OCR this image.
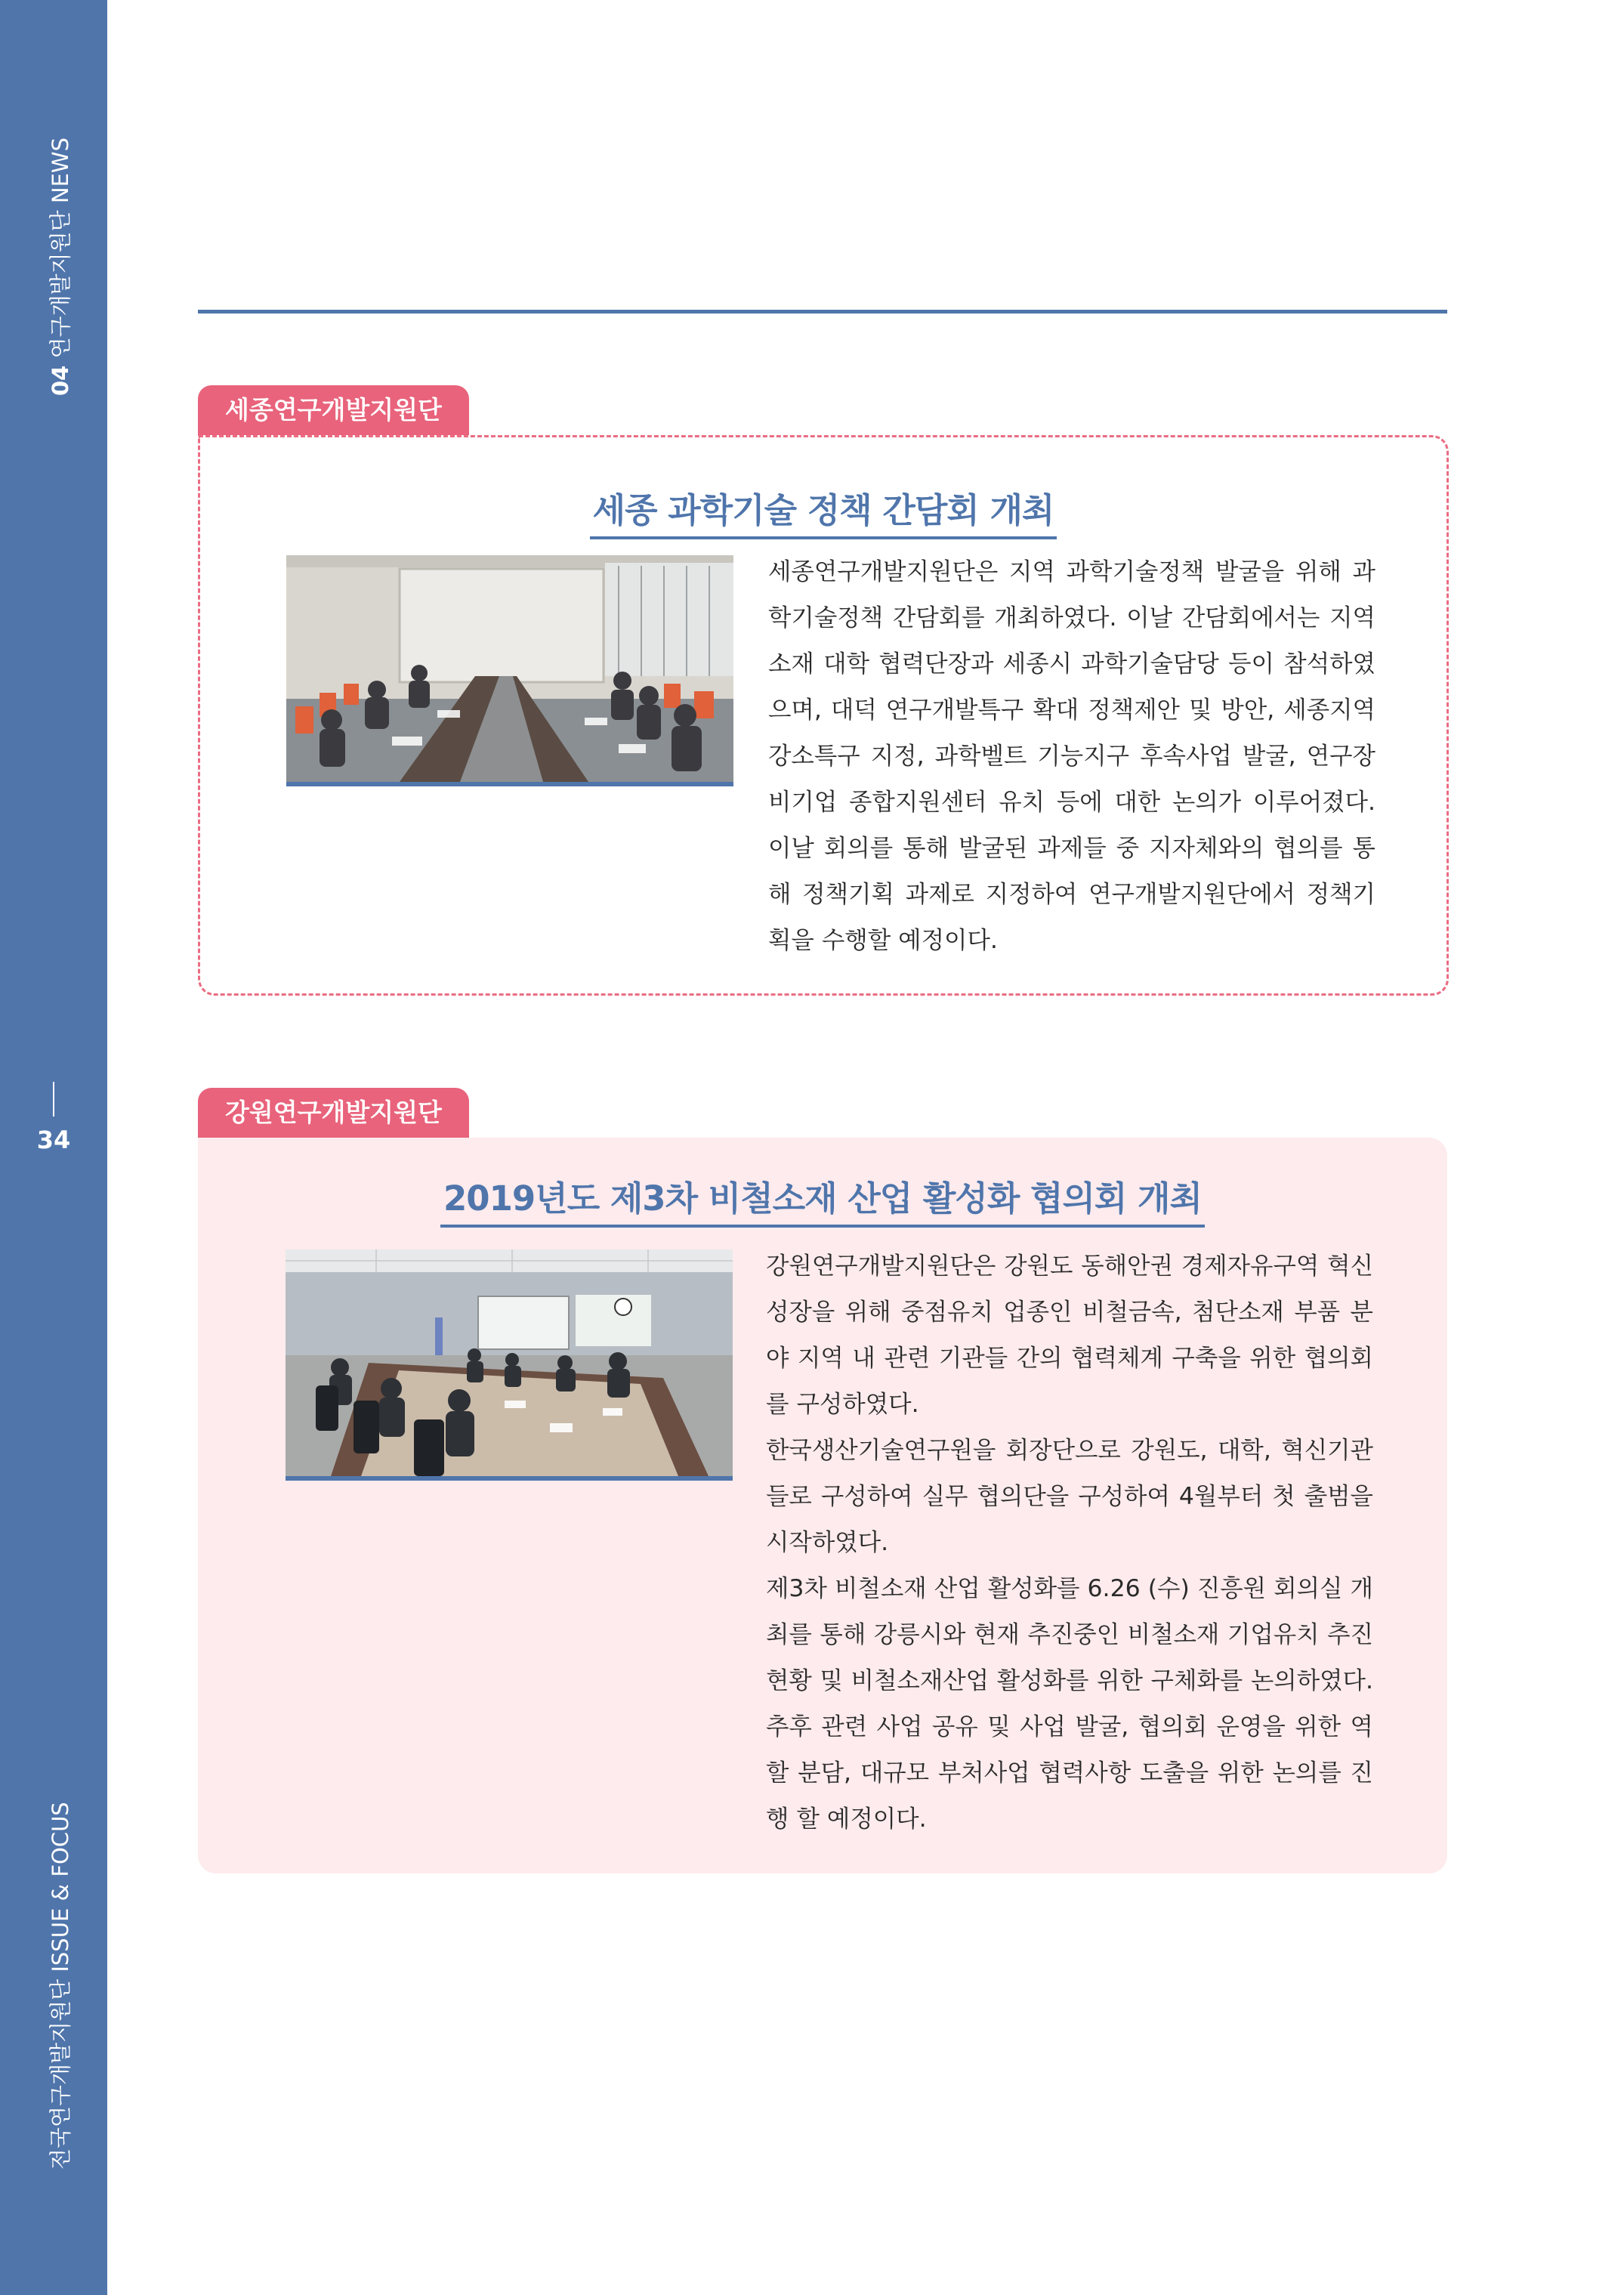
04 연구개발지원단 NEWS
34
전국연구개발지원단 ISSUE & FOCUS
세종연구개발지원단
세종 과학기술 정책 간담회 개최

세종연구개발지원단은 지역 과학기술정책 발굴을 위해 과학기술정책 간담회를 개최하였다. 이날 간담회에서는 지역 소재 대학 협력단장과 세종시 과학기술담당 등이 참석하였으며, 대덕 연구개발특구 확대 정책제안 및 방안, 세종지역 강소특구 지정, 과학벨트 기능지구 후속사업 발굴, 연구장비기업 종합지원센터 유치 등에 대한 논의가 이루어졌다. 이날 회의를 통해 발굴된 과제들 중 지자체와의 협의를 통해 정책기획 과제로 지정하여 연구개발지원단에서 정책기획을 수행할 예정이다.

강원연구개발지원단
2019년도 제3차 비철소재 산업 활성화 협의회 개최

강원연구개발지원단은 강원도 동해안권 경제자유구역 혁신성장을 위해 중점유치 업종인 비철금속, 첨단소재 부품 분야 지역 내 관련 기관들 간의 협력체계 구축을 위한 협의회를 구성하였다.

한국생산기술연구원을 회장단으로 강원도, 대학, 혁신기관들로 구성하여 실무 협의단을 구성하여 4월부터 첫 출범을 시작하였다.

제3차 비철소재 산업 활성화를 6.26 (수) 진흥원 회의실 개최를 통해 강릉시와 현재 추진중인 비철소재 기업유치 추진현황 및 비철소재산업 활성화를 위한 구체화를 논의하였다. 추후 관련 사업 공유 및 사업 발굴, 협의회 운영을 위한 역할 분담, 대규모 부처사업 협력사항 도출을 위한 논의를 진행 할 예정이다.
